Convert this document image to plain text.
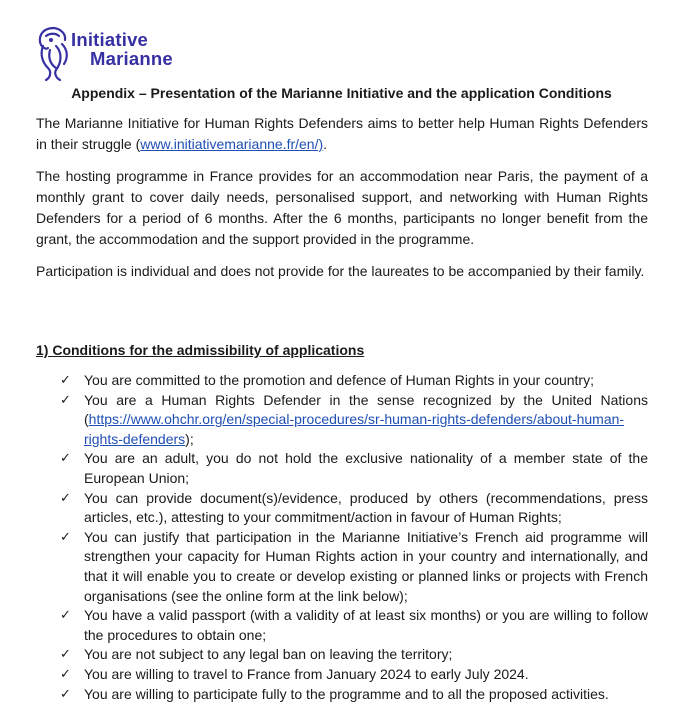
Initiative
Marianne
Appendix – Presentation of the Marianne Initiative and the application Conditions

The Marianne Initiative for Human Rights Defenders aims to better help Human Rights Defenders in their struggle (www.initiativemarianne.fr/en/).

The hosting programme in France provides for an accommodation near Paris, the payment of a monthly grant to cover daily needs, personalised support, and networking with Human Rights Defenders for a period of 6 months. After the 6 months, participants no longer benefit from the grant, the accommodation and the support provided in the programme.

Participation is individual and does not provide for the laureates to be accompanied by their family.

1) Conditions for the admissibility of applications
✓ You are committed to the promotion and defence of Human Rights in your country;
✓ You are a Human Rights Defender in the sense recognized by the United Nations (https://www.ohchr.org/en/special-procedures/sr-human-rights-defenders/about-human-rights-defenders);
✓ You are an adult, you do not hold the exclusive nationality of a member state of the European Union;
✓ You can provide document(s)/evidence, produced by others (recommendations, press articles, etc.), attesting to your commitment/action in favour of Human Rights;
✓ You can justify that participation in the Marianne Initiative’s French aid programme will strengthen your capacity for Human Rights action in your country and internationally, and that it will enable you to create or develop existing or planned links or projects with French organisations (see the online form at the link below);
✓ You have a valid passport (with a validity of at least six months) or you are willing to follow the procedures to obtain one;
✓ You are not subject to any legal ban on leaving the territory;
✓ You are willing to travel to France from January 2024 to early July 2024.
✓ You are willing to participate fully to the programme and to all the proposed activities.
